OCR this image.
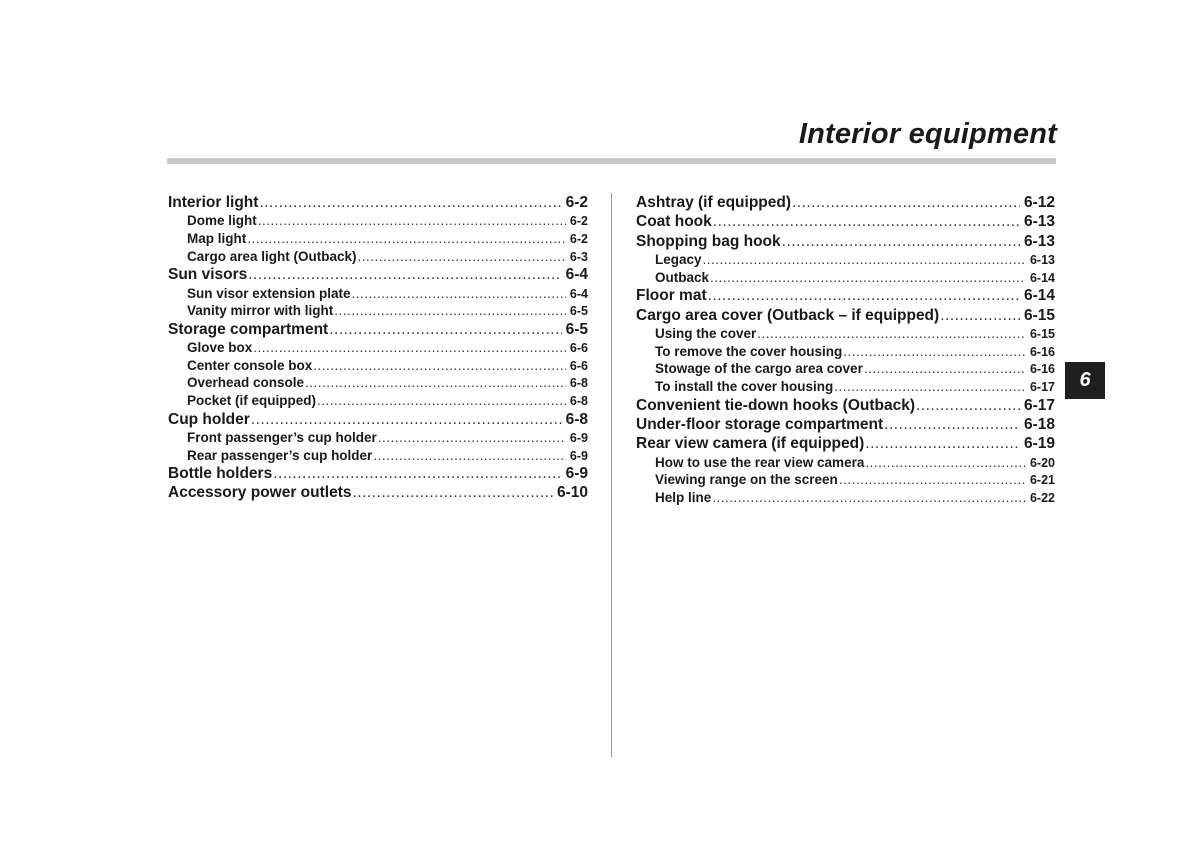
Interior equipment
Interior light .....	6-2
Dome light .....	6-2
Map light .....	6-2
Cargo area light (Outback) .....	6-3
Sun visors .....	6-4
Sun visor extension plate .....	6-4
Vanity mirror with light .....	6-5
Storage compartment .....	6-5
Glove box .....	6-6
Center console box .....	6-6
Overhead console .....	6-8
Pocket (if equipped) .....	6-8
Cup holder .....	6-8
Front passenger’s cup holder .....	6-9
Rear passenger’s cup holder .....	6-9
Bottle holders .....	6-9
Accessory power outlets .....	6-10
Ashtray (if equipped) .....	6-12
Coat hook .....	6-13
Shopping bag hook .....	6-13
Legacy .....	6-13
Outback .....	6-14
Floor mat .....	6-14
Cargo area cover (Outback – if equipped) .....	6-15
Using the cover .....	6-15
To remove the cover housing .....	6-16
Stowage of the cargo area cover .....	6-16
To install the cover housing .....	6-17
Convenient tie-down hooks (Outback) .....	6-17
Under-floor storage compartment .....	6-18
Rear view camera (if equipped) .....	6-19
How to use the rear view camera .....	6-20
Viewing range on the screen .....	6-21
Help line .....	6-22
6
